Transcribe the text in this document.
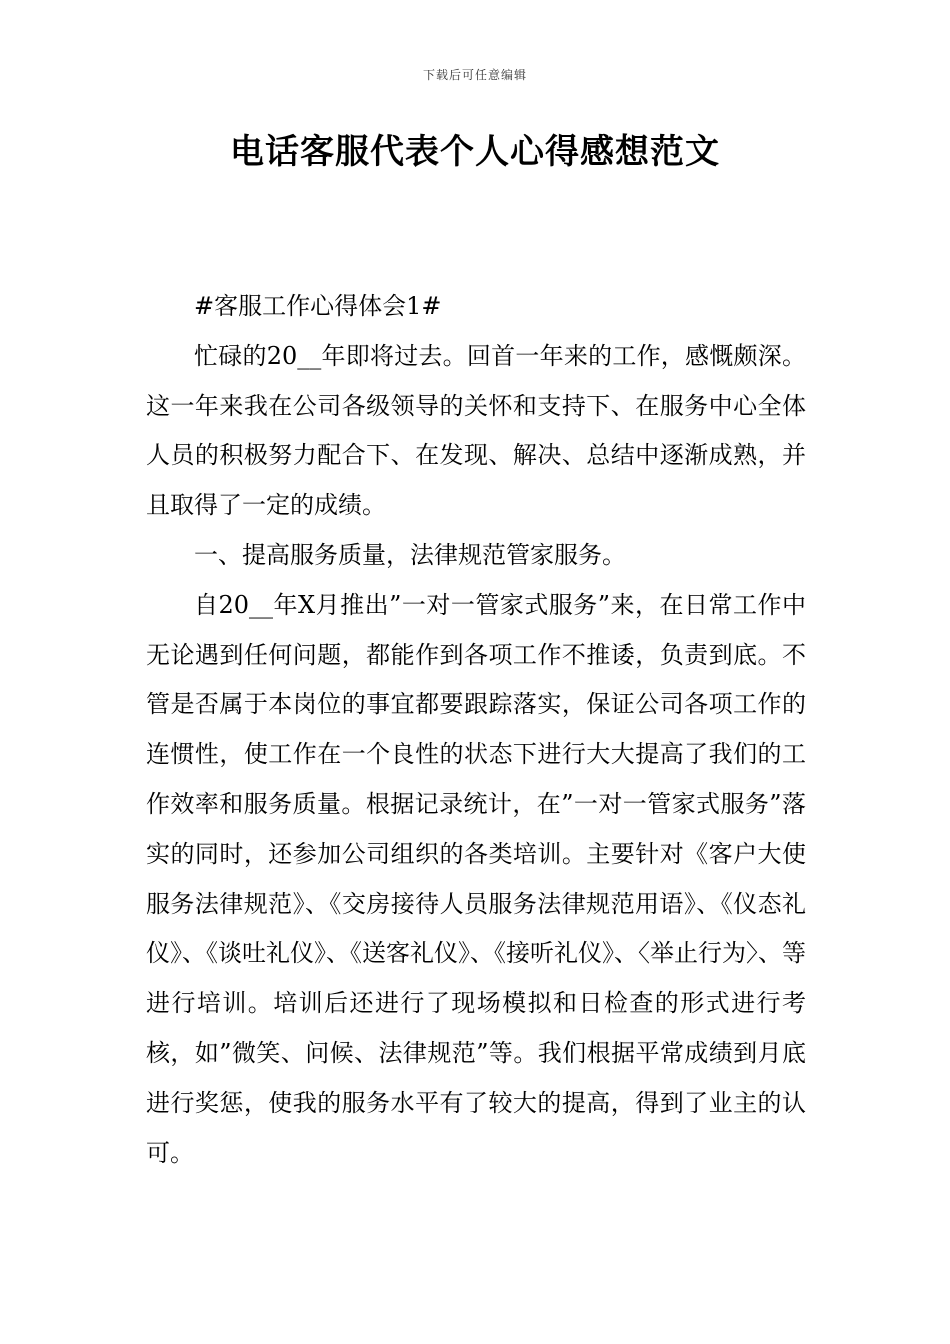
下载后可任意编辑
电话客服代表个人心得感想范文

#客服工作心得体会1#

忙碌的20__年即将过去。回首一年来的工作，感慨颇深。这一年来我在公司各级领导的关怀和支持下、在服务中心全体人员的积极努力配合下、在发现、解决、总结中逐渐成熟，并且取得了一定的成绩。

一、提高服务质量，法律规范管家服务。

自20__年X月推出”一对一管家式服务”来，在日常工作中无论遇到任何问题，都能作到各项工作不推诿，负责到底。不管是否属于本岗位的事宜都要跟踪落实，保证公司各项工作的连惯性，使工作在一个良性的状态下进行大大提高了我们的工作效率和服务质量。根据记录统计，在”一对一管家式服务”落实的同时，还参加公司组织的各类培训。主要针对《客户大使服务法律规范》、《交房接待人员服务法律规范用语》、《仪态礼仪》、《谈吐礼仪》、《送客礼仪》、《接听礼仪》、〈举止行为〉、等进行培训。培训后还进行了现场模拟和日检查的形式进行考核，如”微笑、问候、法律规范”等。我们根据平常成绩到月底进行奖惩，使我的服务水平有了较大的提高，得到了业主的认可。
